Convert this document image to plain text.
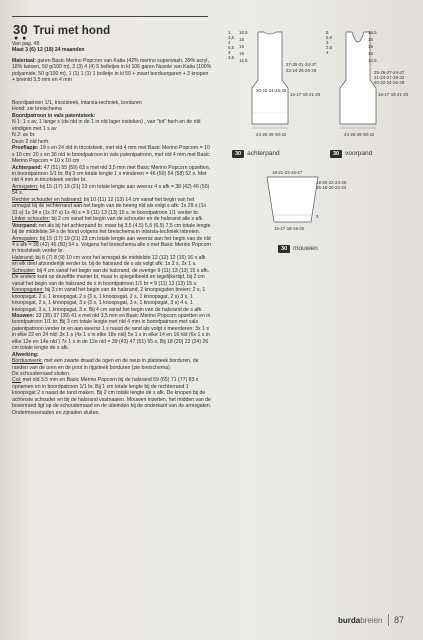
30 Trui met hond
● ●

Van pag. 48

Maat 3 (6) 12 (18) 24 maanden

Materiaal: garen Basic Merino Popcorn van Katia (42% merino superwash, 39% acryl, 18% katoen, 50 g/100 m), 3 (3) 4 (4) 5 bolletjes in kl 106 garen Nuvole van Katia (100% polyamide, 50 g/100 m), 1 (1) 1 (1) 1 bolletje in kl 50 + zwart borduurgaren + 3 knopen + breinld 3,5 mm en 4 mm

Boordpatroon 1/1, tricotsteek, intarsia-techniek, borduren

Hond: zie breischema

Boordpatroon in vals patentsteek:

N 1: 1 s av, 1 lange s (de nld in de 1 in nld lager insteken) , van "tot" herh en de nld eindigen met 1 s av

N 2: av br.

Deze 2 nld herh.

Proeflapje: 19 s en 24 nld in tricotsteek, met nld 4 mm met Basic Merino Popcorn = 10 x 10 cm; 20 s en 36 nld in boordpatroon in vals patentpatroon, met nld 4 mm met Basic Merino Popcorn = 10 x 10 cm

Achterpand: 47 (51) 55 (59) 63 s met nld 3,5 mm met Basic Merino Popcorn opzetten, in boordpatroon 1/1 br. Bij 3 cm totale lengte 1 s minderen = 46 (50) 54 (58) 52 s. Met nld 4 mm in tricotsteek verder br.

Armsgaten: bij 15 (17) 19 (21) 23 cm totale lengte aan weersz 4 s afk = 38 (42) 46 (50) 54 s.

Rechter schouder en halsrand: bij 10 (11) 12 (13) 14 cm vanaf het begin van het armsgat bij de rechterrand aan het begin van de heeng nld als volgt s afk: 1x 29 s (1x 31 s) 1x 34 s (1x 37 s) 1x 40 s = 9 (11) 13 (13) 15 s. in boordpatroon 1/1 verder br.

Linker schouder: bij 2 cm vanaf het begin van de schouder en de halsrand alle s afk.

Voorpand: net als bij het achterpand br. maar bij 3,5 (4,5) 5,5 (6,5) 7,5 cm totale lengte bij de middelste 34 s de hond volgens het breischema in intarsia-techniek inbreien.

Armsgaten: bij 15 (17) 19 (21) 23 cm totale lengte aan weersz aan het begin van de nld 4 s afk = 38 (42) 46 (50) 54 s. Volgens het breischema alle s met Basic Merino Popcorn in tricotsteek verder br.

Halsrand: bij 6 (7) 8 (9) 10 cm voor het armsgat de middelste 12 (12) 12 (16) 16 s afk en elk deel afzonderlijk verder br. bij de halsrand de s als volgt afk: 1x 2 s, 2x 1 s.

Schouder: bij 4 cm vanaf het begin van de halsrand, de overige 9 (11) 13 (13) 15 s afk.

De andere kant op dezelfde manier br, maar in spiegelbeeld en tegelijkertijd, bij 2 cm vanaf het begin van de halsrand de s in boordpatroon 1/1 br = 9 (11) 13 (13) 15 s.

Knoopsgaten: bij 3 cm vanaf het begin van de halsrand, 2 knoopsgaten breien: 2 s, 1 knoopsgat, 2 s, 1 knoopsgat, 2 s (3 s, 1 knoopsgat, 2 s, 1 knoopsgat, 2 s) 3 s, 1 knoopsgat, 2 s, 1 knoopsgat, 3 s (3 s, 1 knoopsgat, 3 s, 1 knoopsgat, 3 s) 4 s, 1 knoopsgat, 3 s, 1 knoopsgat, 3 s. Bij 4 cm vanaf het begin van de halsrand de s afk.

Mouwen: 33 (35) 37 (39) 41 s met nld 3,5 mm en Basic Merino Popcorn opzetten en in boordpatroon 1/1 br. Bij 3 cm totale lengte met nld 4 mm in boordpatroon met vals patentpatroon verder br en aan weersz 1 s naast de rand als volgt s meerderen: 3x 1 s in elke 22 en 24 nld: 3x 1 s (4x 1 s in elke 18e nld) 5x 1 s in elke 14 en 16 nld (6x 1 s in elke 12e en 14e nld ) 7x 1 s in de 12e nld = 39 (43) 47 (51) 55 s. Bij 18 (20) 22 (24) 26 cm totale lengte de s afk.

Afwerking:

Borduurwerk: met een zwarte draad de ogen en de neus in platsteek borduren, de randen van de oren en de poot in rijgsteek borduren (zie breischema).

De schoudernaad sluiten.

Col: met nld 3,5 mm en Basic Merino Popcorn bij de halsrand 59 (65) 71 (77) 83 s opnemen en in boordpatroon 1/1 br. Bij 1 cm totale lengte bij de rechterrand 1 knoopsgat 2 s naast de rand maken. Bij 2 cm totale lengte de s afk. De knopen bij de achterste schouder en bij de halsrand vastnaaien. Mouwen inzetten, het midden van de bovenrand ligt op de schoudernaad en de uiteinden bij de onderkant van de armsgaten. Ondermouwnaden en zijnaden sluiten.

1
3,5
4
5,5
3
3,5
16,5
16
19
19
12,5
27-30-31-34-37
22-24-26-26-29
20-22-24-26-28
15-17-19-21-23
24-26-28-30-32
30 achterpand
5
5,5
3
3,5
4
16,5
16
19
19
12,5
25-26-27-24-37
21-24-27-29-32
20-22-24-26-28
15-17-19-21-23
24-26-28-30-32
30 voorpand
19-21-23-25-27
18-20-22-24-26
16-18-20-22-24
3
16-17-18-19-20
30 mouwen
burdabreien 87
